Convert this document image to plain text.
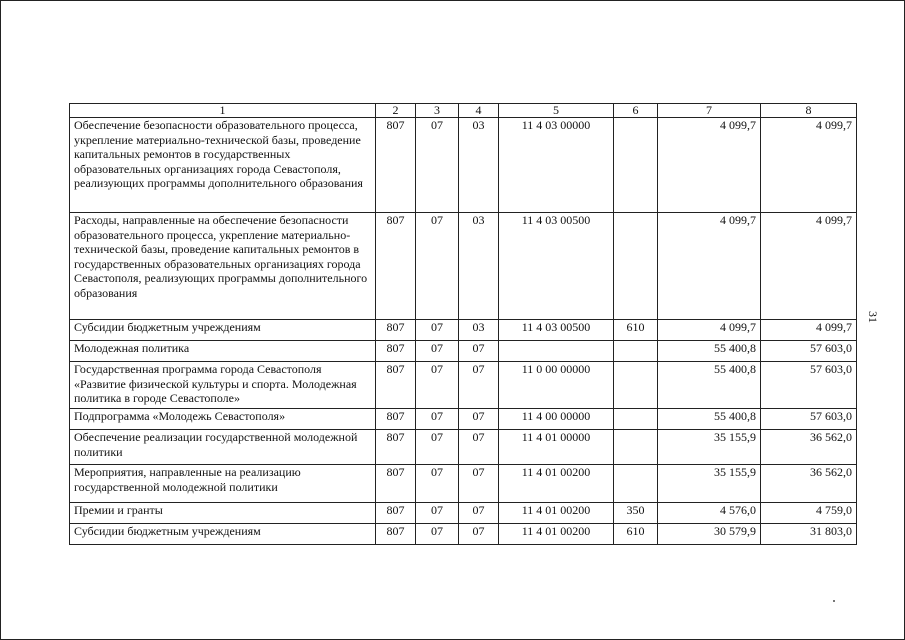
31
1	2	3	4	5	6	7	8
Обеспечение безопасности образовательного процесса, укрепление материально-технической базы, проведение капитальных ремонтов в государственных образовательных организациях города Севастополя, реализующих программы дополнительного образования	807	07	03	11 4 03 00000		4 099,7	4 099,7
Расходы, направленные на обеспечение безопасности образовательного процесса, укрепление материально-технической базы, проведение капитальных ремонтов в государственных образовательных организациях города Севастополя, реализующих программы дополнительного образования	807	07	03	11 4 03 00500		4 099,7	4 099,7
Субсидии бюджетным учреждениям	807	07	03	11 4 03 00500	610	4 099,7	4 099,7
Молодежная политика	807	07	07			55 400,8	57 603,0
Государственная программа города Севастополя «Развитие физической культуры и спорта. Молодежная политика в городе Севастополе»	807	07	07	11 0 00 00000		55 400,8	57 603,0
Подпрограмма «Молодежь Севастополя»	807	07	07	11 4 00 00000		55 400,8	57 603,0
Обеспечение реализации государственной молодежной политики	807	07	07	11 4 01 00000		35 155,9	36 562,0
Мероприятия, направленные на реализацию государственной молодежной политики	807	07	07	11 4 01 00200		35 155,9	36 562,0
Премии и гранты	807	07	07	11 4 01 00200	350	4 576,0	4 759,0
Субсидии бюджетным учреждениям	807	07	07	11 4 01 00200	610	30 579,9	31 803,0
